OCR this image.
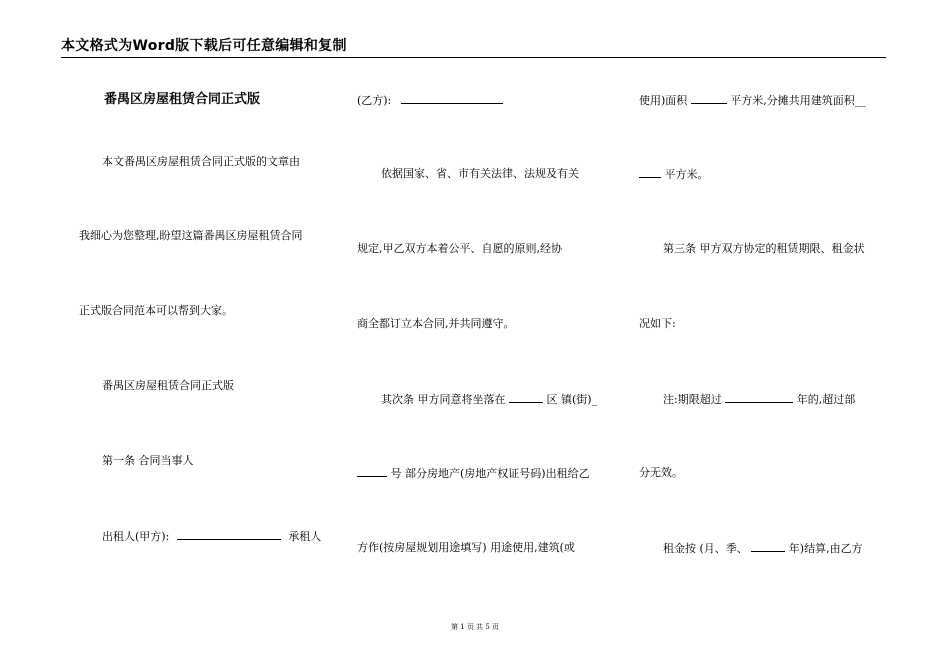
本文格式为Word版下载后可任意编辑和复制
番禺区房屋租赁合同正式版
本文番禺区房屋租赁合同正式版的文章由
我细心为您整理,盼望这篇番禺区房屋租赁合同
正式版合同范本可以帮到大家。
番禺区房屋租赁合同正式版
第一条 合同当事人
出租人(甲方):	承租人
(乙方):
依据国家、省、市有关法律、法规及有关
规定,甲乙双方本着公平、自愿的原则,经协
商全都订立本合同,并共同遵守。
其次条 甲方同意将坐落在	区 镇(街)_
号 部分房地产(房地产权证号码)出租给乙
方作(按房屋规划用途填写) 用途使用,建筑(或
使用)面积	平方米,分摊共用建筑面积__
平方米。
第三条 甲方双方协定的租赁期限、租金状
况如下:
注:期限超过	年的,超过部
分无效。
租金按 (月、季、	年)结算,由乙方
第 1 页 共 5 页
